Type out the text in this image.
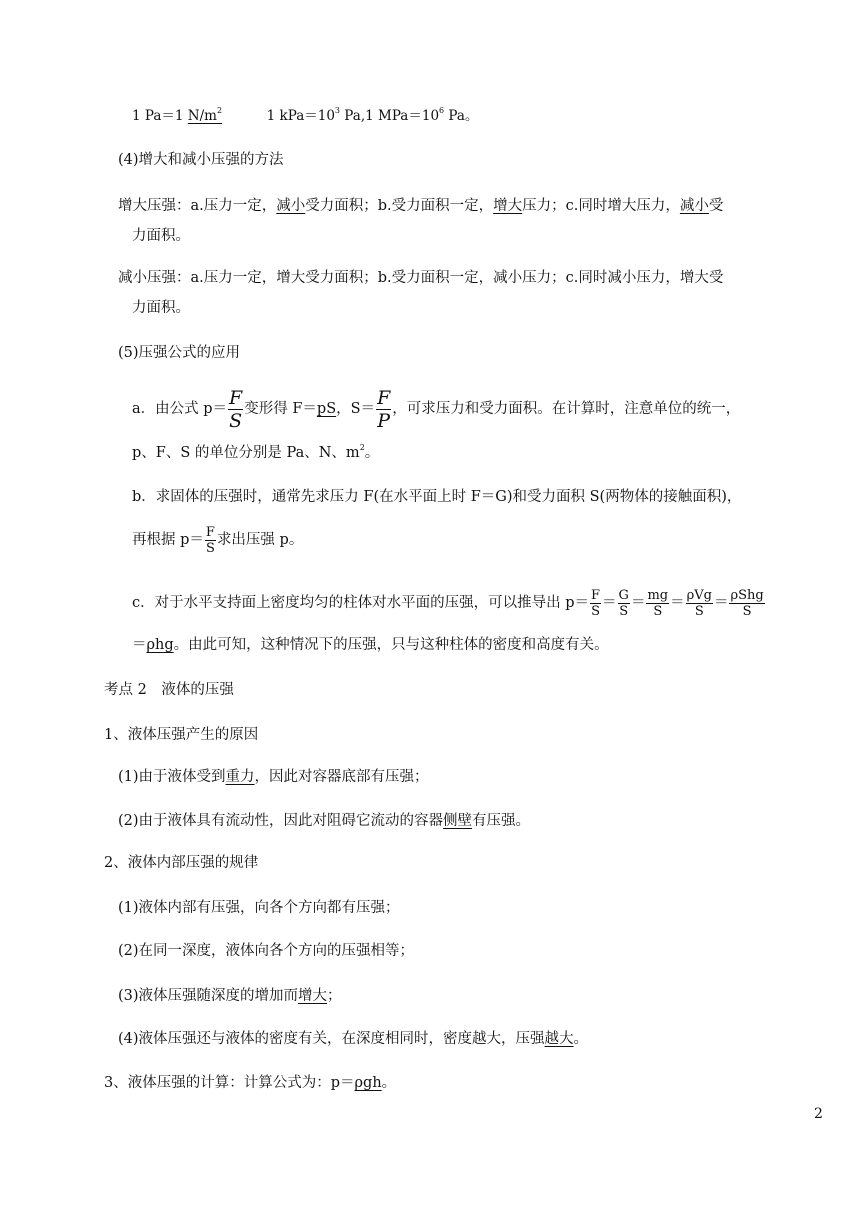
1 Pa＝1 $N/m^2$	1 $kPa=10^3$ Pa,1 $MPa=10^6$ Pa。
(4)增大和减小压强的方法
增大压强：a.压力一定，减小受力面积；b.受力面积一定，增大压力；c.同时增大压力，减小受
力面积。
减小压强：a.压力一定，增大受力面积；b.受力面积一定，减小压力；c.同时减小压力，增大受
力面积。
(5)压强公式的应用
a．由公式 $p= \frac{F}{S}$ 变形得 F＝pS，$S= \frac{F}{P}$ ，可求压力和受力面积。在计算时，注意单位的统一，
p、F、S 的单位分别是 Pa、N、$m^2$。
b．求固体的压强时，通常先求压力 F(在水平面上时 F＝G)和受力面积 S(两物体的接触面积)，
再根据 $p= \frac{F}{S}$ 求出压强 p。
c．对于水平支持面上密度均匀的柱体对水平面的压强，可以推导出 $p= \frac{F}{S} = \frac{G}{S} = \frac{mg}{S} = \frac{\text{ρVg}}{S} = \frac{\text{ρShg}}{S}$
＝ρhg。由此可知，这种情况下的压强，只与这种柱体的密度和高度有关。
考点 2　液体的压强
1、液体压强产生的原因
(1)由于液体受到重力，因此对容器底部有压强；
(2)由于液体具有流动性，因此对阻碍它流动的容器侧壁有压强。
2、液体内部压强的规律
(1)液体内部有压强，向各个方向都有压强；
(2)在同一深度，液体向各个方向的压强相等；
(3)液体压强随深度的增加而增大；
(4)液体压强还与液体的密度有关，在深度相同时，密度越大，压强越大。
3、液体压强的计算：计算公式为：p＝ρgh。
2
